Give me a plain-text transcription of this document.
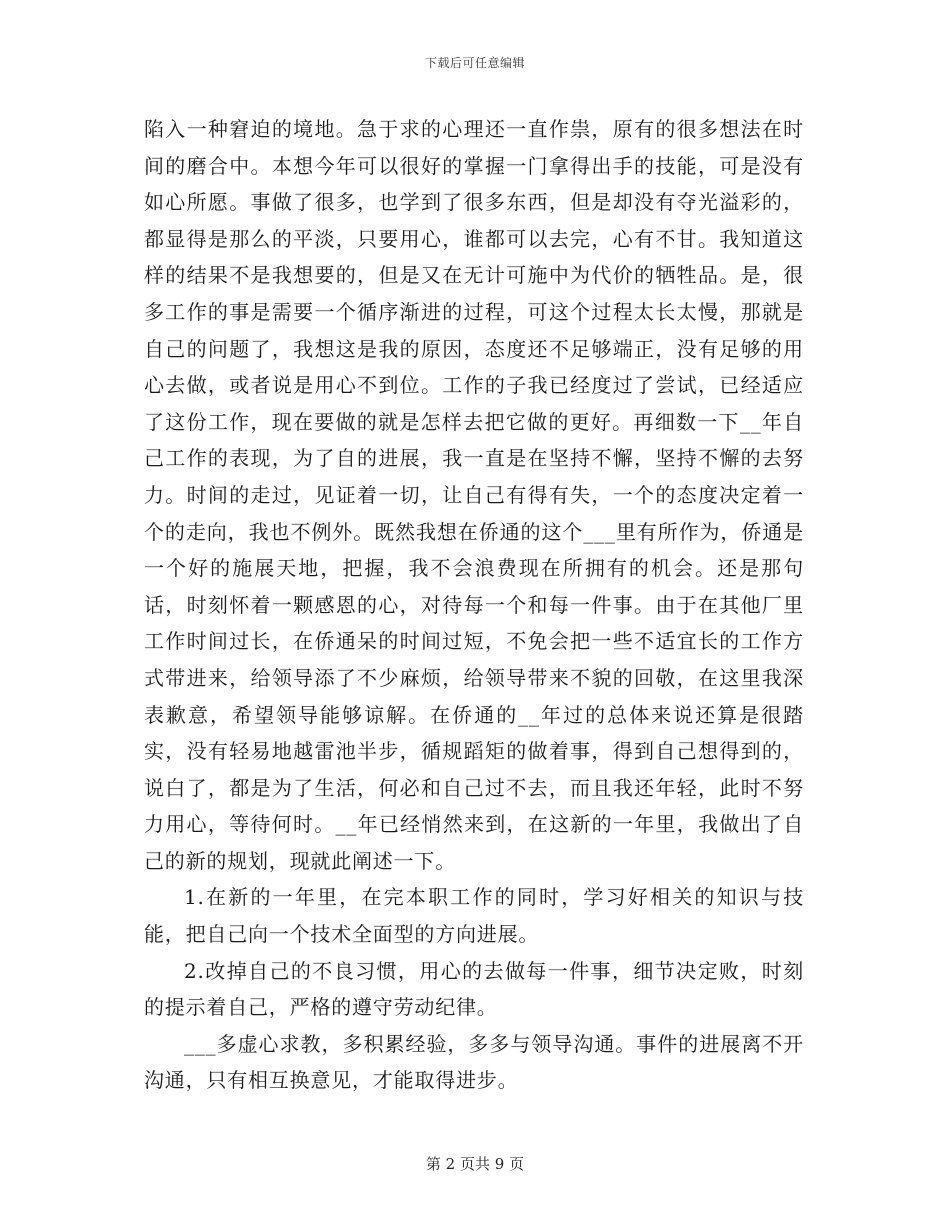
下载后可任意编辑

陷入一种窘迫的境地。急于求的心理还一直作祟，原有的很多想法在时间的磨合中。本想今年可以很好的掌握一门拿得出手的技能，可是没有如心所愿。事做了很多，也学到了很多东西，但是却没有夺光溢彩的，都显得是那么的平淡，只要用心，谁都可以去完，心有不甘。我知道这样的结果不是我想要的，但是又在无计可施中为代价的牺牲品。是，很多工作的事是需要一个循序渐进的过程，可这个过程太长太慢，那就是自己的问题了，我想这是我的原因，态度还不足够端正，没有足够的用心去做，或者说是用心不到位。工作的子我已经度过了尝试，已经适应了这份工作，现在要做的就是怎样去把它做的更好。再细数一下__年自己工作的表现，为了自的进展，我一直是在坚持不懈，坚持不懈的去努力。时间的走过，见证着一切，让自己有得有失，一个的态度决定着一个的走向，我也不例外。既然我想在侨通的这个___里有所作为，侨通是一个好的施展天地，把握，我不会浪费现在所拥有的机会。还是那句话，时刻怀着一颗感恩的心，对待每一个和每一件事。由于在其他厂里工作时间过长，在侨通呆的时间过短，不免会把一些不适宜长的工作方式带进来，给领导添了不少麻烦，给领导带来不貌的回敬，在这里我深表歉意，希望领导能够谅解。在侨通的__年过的总体来说还算是很踏实，没有轻易地越雷池半步，循规蹈矩的做着事，得到自己想得到的，说白了，都是为了生活，何必和自己过不去，而且我还年轻，此时不努力用心，等待何时。__年已经悄然来到，在这新的一年里，我做出了自己的新的规划，现就此阐述一下。

1.在新的一年里，在完本职工作的同时，学习好相关的知识与技能，把自己向一个技术全面型的方向进展。

2.改掉自己的不良习惯，用心的去做每一件事，细节决定败，时刻的提示着自己，严格的遵守劳动纪律。

___多虚心求教，多积累经验，多多与领导沟通。事件的进展离不开沟通，只有相互换意见，才能取得进步。

第 2 页共 9 页
